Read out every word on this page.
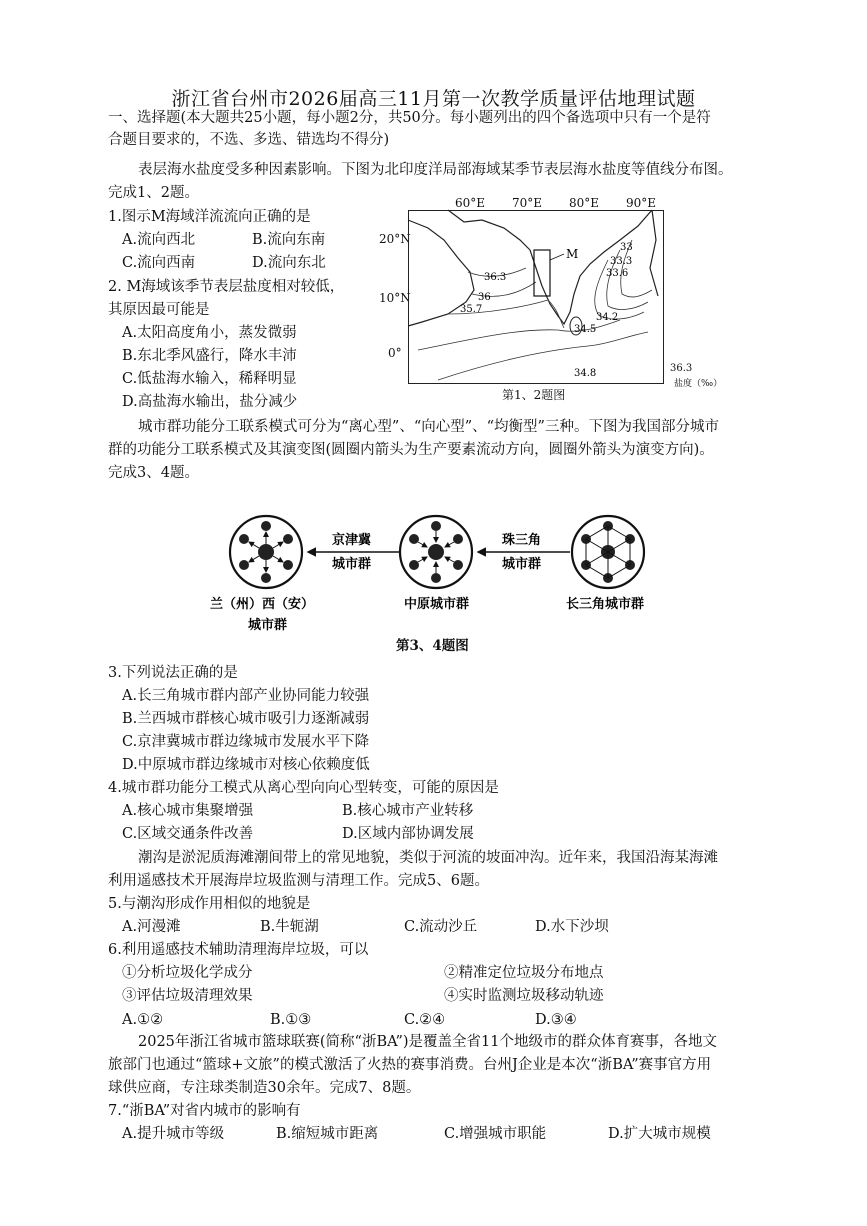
浙江省台州市2026届高三11月第一次教学质量评估地理试题
一、选择题(本大题共25小题，每小题2分，共50分。每小题列出的四个备选项中只有一个是符
合题目要求的，不选、多选、错选均不得分)
表层海水盐度受多种因素影响。下图为北印度洋局部海域某季节表层海水盐度等值线分布图。
完成1、2题。
1.图示M海域洋流流向正确的是
A.流向西北	B.流向东南
C.流向西南	D.流向东北
2. M海域该季节表层盐度相对较低，
其原因最可能是
A.太阳高度角小，蒸发微弱
B.东北季风盛行，降水丰沛
C.低盐海水输入，稀释明显
D.高盐海水输出，盐分减少
60°E 70°E 80°E 90°E
20°N
10°N
0°
M	33
33.3
33.6
36.3
36
35.7
34.2
34.5
34.8	36.3
盐度（‰）
第1、2题图
城市群功能分工联系模式可分为“离心型”、“向心型”、“均衡型”三种。下图为我国部分城市
群的功能分工联系模式及其演变图(圆圈内箭头为生产要素流动方向，圆圈外箭头为演变方向)。
完成3、4题。
京津冀
城市群
珠三角
城市群
兰（州）西（安）
城市群
中原城市群	长三角城市群
第3、4题图
3.下列说法正确的是
A.长三角城市群内部产业协同能力较强
B.兰西城市群核心城市吸引力逐渐减弱
C.京津冀城市群边缘城市发展水平下降
D.中原城市群边缘城市对核心依赖度低
4.城市群功能分工模式从离心型向向心型转变，可能的原因是
A.核心城市集聚增强	B.核心城市产业转移
C.区域交通条件改善	D.区域内部协调发展
潮沟是淤泥质海滩潮间带上的常见地貌，类似于河流的坡面冲沟。近年来，我国沿海某海滩
利用遥感技术开展海岸垃圾监测与清理工作。完成5、6题。
5.与潮沟形成作用相似的地貌是
A.河漫滩	B.牛轭湖	C.流动沙丘	D.水下沙坝
6.利用遥感技术辅助清理海岸垃圾，可以
①分析垃圾化学成分	②精准定位垃圾分布地点
③评估垃圾清理效果	④实时监测垃圾移动轨迹
A.①②	B.①③	C.②④	D.③④
2025年浙江省城市篮球联赛(简称“浙BA”)是覆盖全省11个地级市的群众体育赛事，各地文
旅部门也通过“篮球+文旅”的模式激活了火热的赛事消费。台州J企业是本次“浙BA”赛事官方用
球供应商，专注球类制造30余年。完成7、8题。
7.“浙BA”对省内城市的影响有
A.提升城市等级	B.缩短城市距离	C.增强城市职能	D.扩大城市规模
